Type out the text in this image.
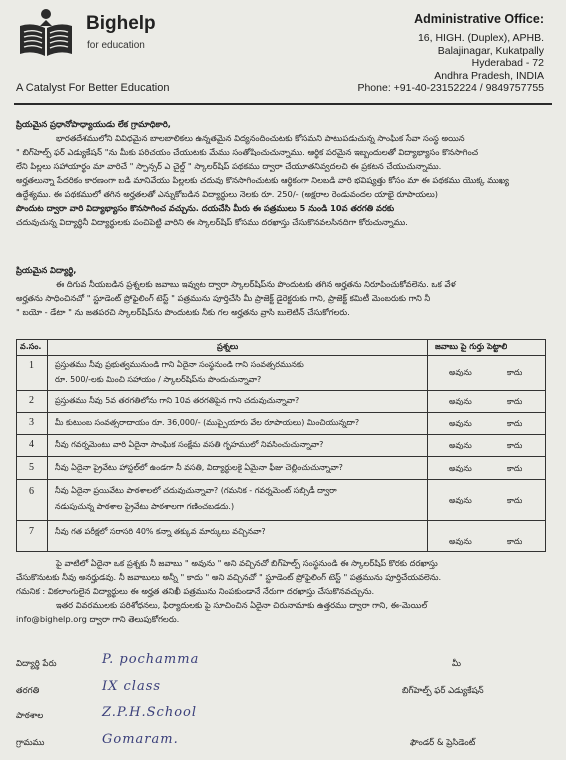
Bighelp
for education
A Catalyst For Better Education
Administrative Office:
16, HIGH. (Duplex), APHB.
Balajinagar, Kukatpally
Hyderabad - 72
Andhra Pradesh, INDIA
Phone: +91-40-23152224 / 9849757755
ప్రియమైన ప్రధానోపాధ్యాయుడు లేక గ్రామాధికారి,
భారతదేశములోని వివిధమైన బాలబాలికలు ఉన్నతమైన విద్యనందించుటకు కోసమని పాటుపడుచున్న సాంఘిక సేవా సంస్థ అయిన
" బిగ్‌హెల్ప్ ఫర్ ఎడ్యుకేషన్ "ను మీకు పరిచయం చేయుటకు మేము సంతోషించుచున్నాము. ఆర్థిక పరమైన ఇబ్బందులతో విద్యాభ్యాసం కొనసాగించ
లేని పిల్లలు సహాయార్థం మా వారిచే " స్పాన్సర్ ఎ చైల్డ్ " స్కాలర్‌షిప్ పథకము ద్వారా చేయూతనివ్వదలచి ఈ ప్రకటన చేయుచున్నాము.
అర్హతలున్నా పేదరికం కారణంగా బడి మానివేయు పిల్లలకు చదువు కొనసాగించుటకు ఆర్థికంగా నిలబడి వారి భవిష్యత్తు కోసం మా ఈ పథకము యొక్క ముఖ్య
ఉద్దేశ్యము. ఈ పథకములో తగిన అర్హతలతో ఎన్నుకోబడిన విద్యార్థులు నెలకు రూ. 250/- (అక్షరాల రెండువందల యాభై రూపాయలు)
పొందుట ద్వారా వారి విద్యాభ్యాసం కొనసాగించ వచ్చును. దయచేసి మీరు ఈ పత్రములు 5 నుండి 10వ తరగతి వరకు
చదువుచున్న విద్యార్థినీ విద్యార్థులకు పంచిపెట్టి వారిని ఈ స్కాలర్‌షిప్ కోసము దరఖాస్తు చేసుకొనవలసినదిగా కోరుచున్నాము.
ప్రియమైన విద్యార్థి,
ఈ దిగువ నీయబడిన ప్రశ్నలకు జవాబు ఇవ్వుట ద్వారా స్కాలర్‌షిప్‌ను పొందుటకు తగిన అర్హతను నిరూపించుకోవలెను. ఒక వేళ
అర్హతను సాధించినచో " స్టూడెంట్ ప్రోఫైలింగ్ టెస్ట్ " పత్రమును పూర్తిచేసి మీ ప్రాజెక్ట్ డైరెక్టరుకు గాని, ప్రాజెక్ట్ కమిటీ మెంబరుకు గాని నీ
" బయో - డేటా " ను జతపరచి స్కాలర్‌షిప్‌ను పొందుటకు నీకు గల అర్హతను వ్రాసి బులెటిన్ చేసుకోగలరు.
వ.సం.	ప్రశ్నలు	జవాబు పై గుర్తు పెట్టాలి
1	ప్రస్తుతము నీవు ప్రభుత్వమునుండి గాని ఏదైనా సంస్థనుండి గాని సంవత్సరమునకు
రూ. 500/-లకు మించి సహాయం / స్కాలర్‌షిప్‌ను పొందుచున్నావా?
అవును	కాదు
2	ప్రస్తుతము నీవు 5వ తరగతిలోను గాని 10వ తరగతిపైన గాని చదువుచున్నావా?	అవును	కాదు
3	మీ కుటుంబ సంవత్సరాదాయం రూ. 36,000/- (ముప్పైయారు వేల రూపాయలు) మించియున్నదా?	అవును	కాదు
4	నీవు గవర్నమెంటు వారి ఏదైనా సాంఘిక సంక్షేమ వసతి గృహములో నివసించుచున్నావా?	అవును	కాదు
5	నీవు ఏదైనా ప్రైవేటు హాస్టల్‌లో ఉండగా నీ వసతి, విద్యార్థులకై ఏమైనా ఫీజు చెల్లించుచున్నావా?	అవును	కాదు
6	నీవు ఏదైనా ప్రయివేటు పాఠశాలలో చదువుచున్నావా? (గమనిక - గవర్నమెంట్ సబ్సిడీ ద్వారా
నడుపుచున్న పాఠశాల ప్రైవేటు పాఠశాలగా గణించబడదు.)
అవును	కాదు
7	నీవు గత పరీక్షలో సరాసరి 40% కన్నా తక్కువ మార్కులు వచ్చినవా?
అవును	కాదు
పై వాటిలో ఏదైనా ఒక ప్రశ్నకు నీ జవాబు " అవును " అని వచ్చినచో బిగ్‌హెల్ప్ సంస్థనుండి ఈ స్కాలర్‌షిప్ కొరకు దరఖాస్తు
చేసుకొనుటకు నీవు అనర్హుడవు. నీ జవాబులు అన్నీ " కాదు " అని వచ్చినచో " స్టూడెంట్ ప్రోఫైలింగ్ టెస్ట్ " పత్రమును పూర్తిచేయవలెను.
గమనిక : వికలాంగులైన విద్యార్థులు ఈ అర్హత తనిఖీ పత్రమును నింపకుండానే నేరుగా దరఖాస్తు చేసుకొనవచ్చును.
ఇతర వివరములకు పరిశోధనలు, ఫిర్యాదులకు పై సూచించిన ఏదైనా చిరునామాకు ఉత్తరము ద్వారా గాని, ఈ-మెయిల్
info@bighelp.org ద్వారా గాని తెలుపుకోగలరు.
విద్యార్థి పేరు	P. pochamma
తరగతి	IX class
పాఠశాల	Z.P.H.School
గ్రామము	Gomaram.
మీ
బిగ్‌హెల్ప్ ఫర్ ఎడ్యుకేషన్
ఫౌండర్ & ప్రెసిడెంట్
